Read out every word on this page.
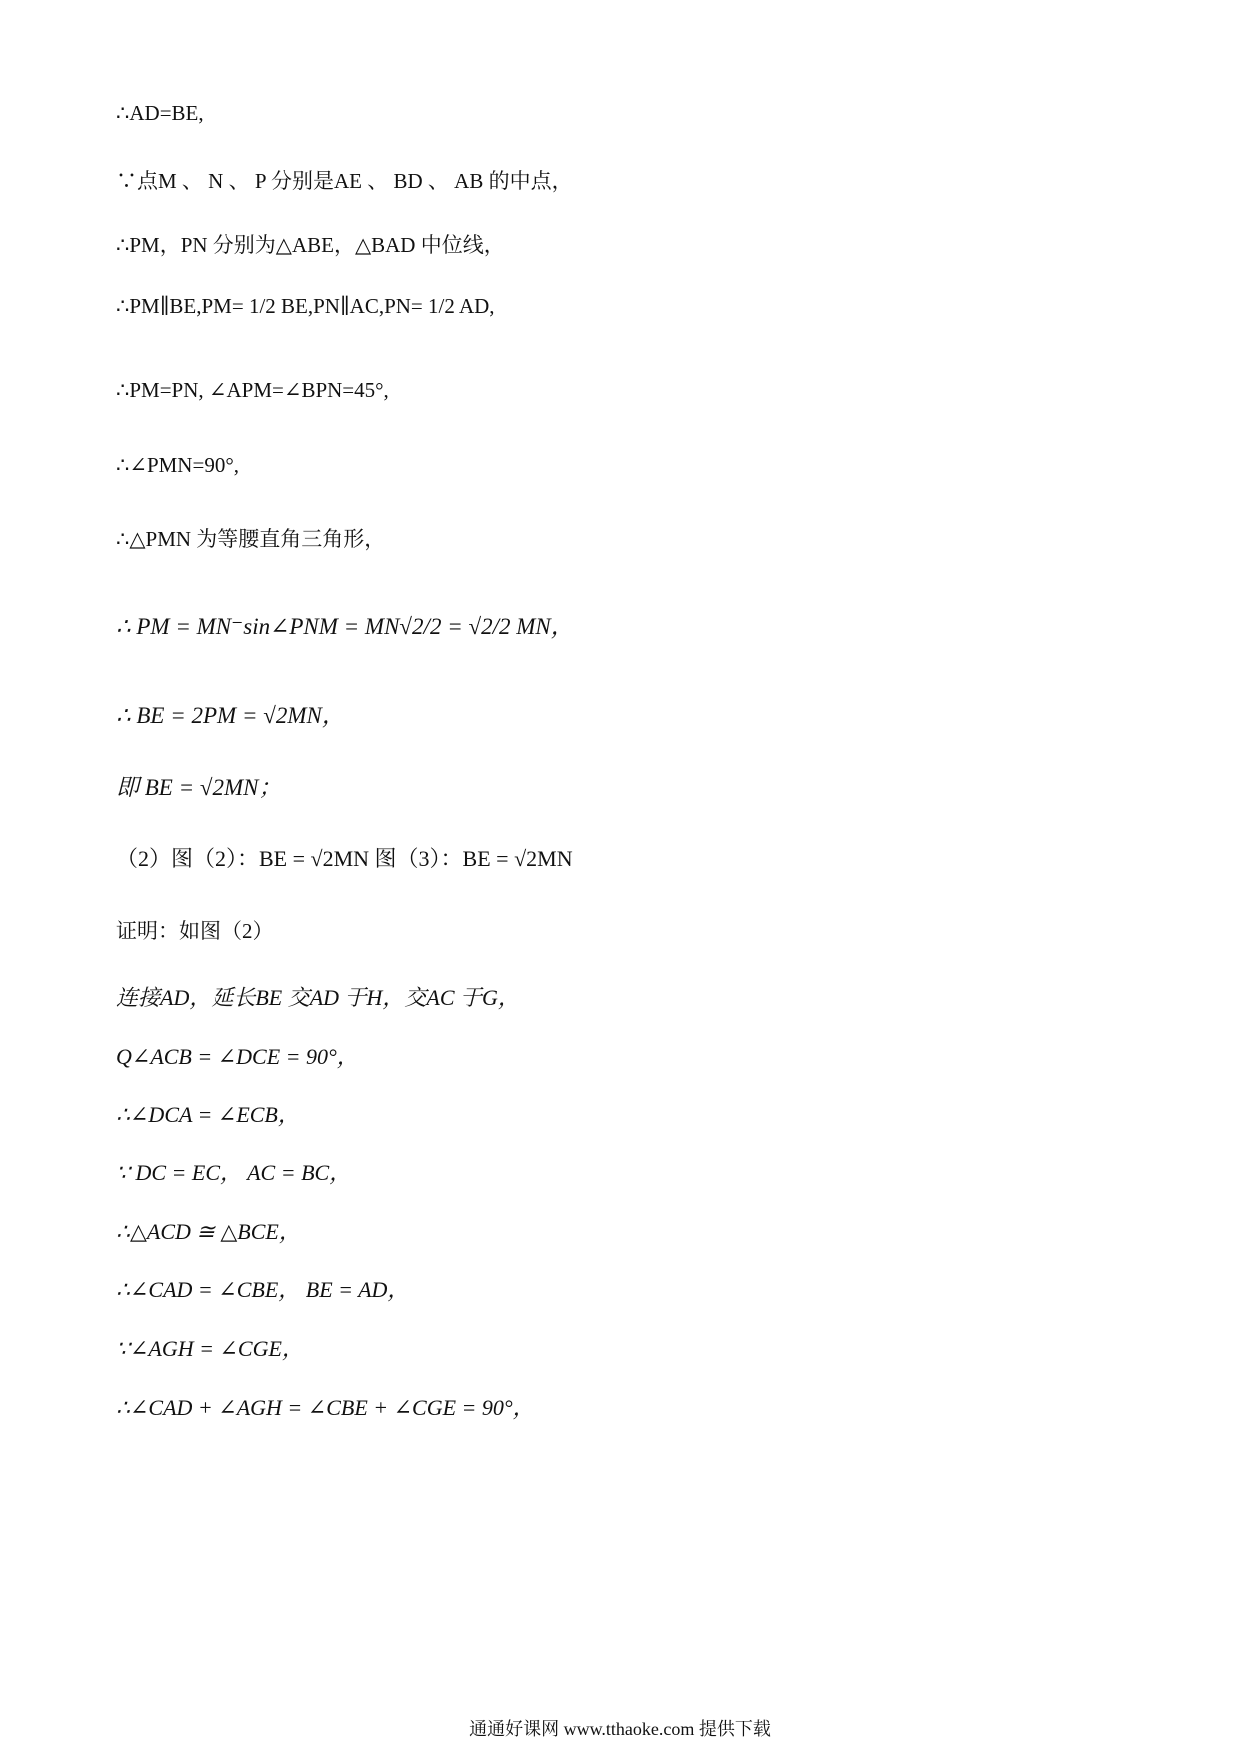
∴AD=BE,
∵点M 、 N 、 P 分别是AE 、 BD 、 AB 的中点，
∴PM，PN 分别为△ABE，△BAD 中位线，
∴PM∥BE,PM= 1/2 BE,PN∥AC,PN= 1/2 AD,
∴PM=PN, ∠APM=∠BPN=45°,
∴∠PMN=90°,
∴△PMN 为等腰直角三角形，
∴ PM = MN⁻sin∠PNM = MN√2/2 = √2/2 MN，
∴ BE = 2PM = √2MN，
即 BE = √2MN；
（2）图（2）：BE = √2MN 图（3）：BE = √2MN
证明：如图（2）
连接AD，延长BE 交AD 于H，交AC 于G，
Q∠ACB = ∠DCE = 90°，
∴∠DCA = ∠ECB，
∵ DC = EC， AC = BC，
∴△ACD ≅ △BCE，
∴∠CAD = ∠CBE， BE = AD，
∵∠AGH = ∠CGE，
∴∠CAD + ∠AGH = ∠CBE + ∠CGE = 90°，
通通好课网 www.tthaoke.com 提供下载
